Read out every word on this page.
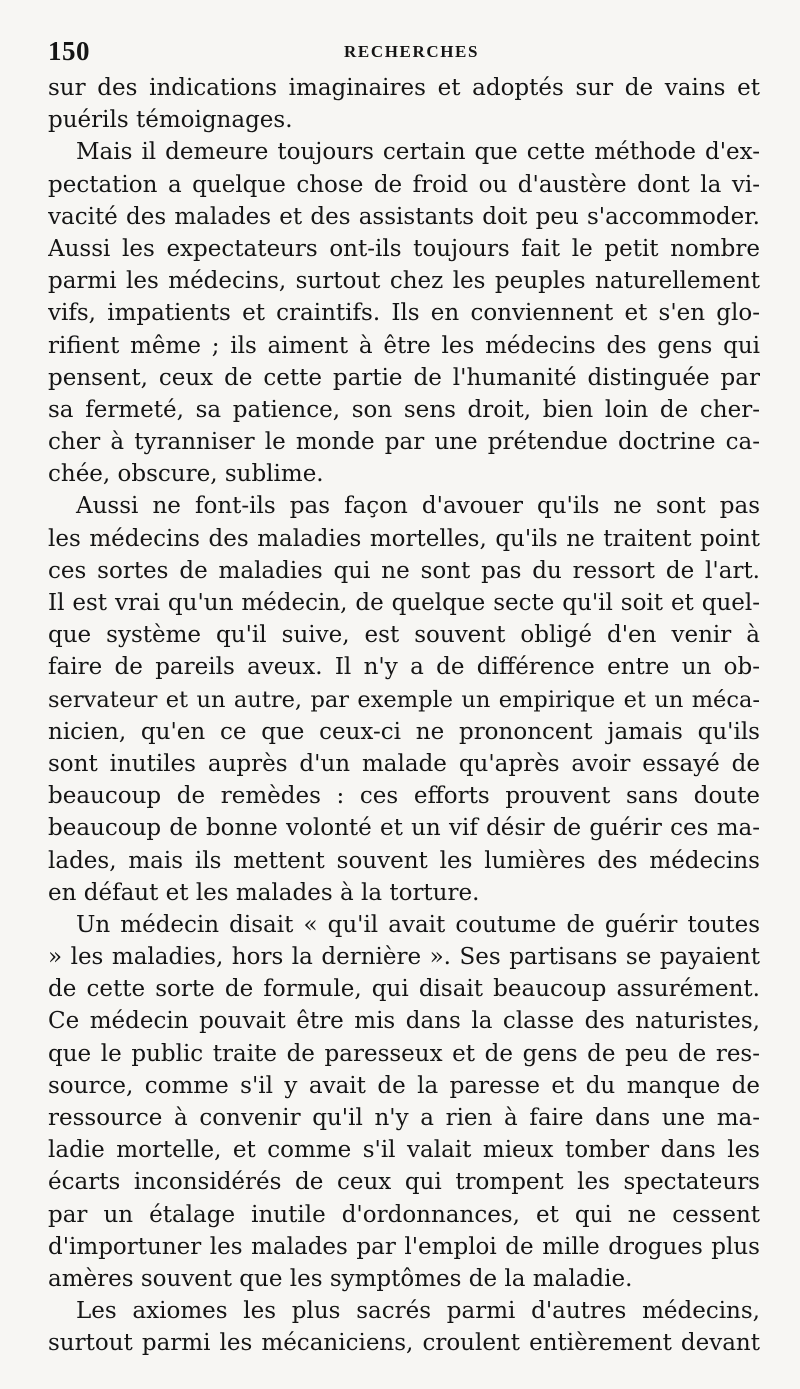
150	RECHERCHES
sur des indications imaginaires et adoptés sur de vains et
puérils témoignages.
Mais il demeure toujours certain que cette méthode d'ex-
pectation a quelque chose de froid ou d'austère dont la vi-
vacité des malades et des assistants doit peu s'accommoder.
Aussi les expectateurs ont-ils toujours fait le petit nombre
parmi les médecins, surtout chez les peuples naturellement
vifs, impatients et craintifs. Ils en conviennent et s'en glo-
rifient même ; ils aiment à être les médecins des gens qui
pensent, ceux de cette partie de l'humanité distinguée par
sa fermeté, sa patience, son sens droit, bien loin de cher-
cher à tyranniser le monde par une prétendue doctrine ca-
chée, obscure, sublime.
Aussi ne font-ils pas façon d'avouer qu'ils ne sont pas
les médecins des maladies mortelles, qu'ils ne traitent point
ces sortes de maladies qui ne sont pas du ressort de l'art.
Il est vrai qu'un médecin, de quelque secte qu'il soit et quel-
que système qu'il suive, est souvent obligé d'en venir à
faire de pareils aveux. Il n'y a de différence entre un ob-
servateur et un autre, par exemple un empirique et un méca-
nicien, qu'en ce que ceux-ci ne prononcent jamais qu'ils
sont inutiles auprès d'un malade qu'après avoir essayé de
beaucoup de remèdes : ces efforts prouvent sans doute
beaucoup de bonne volonté et un vif désir de guérir ces ma-
lades, mais ils mettent souvent les lumières des médecins
en défaut et les malades à la torture.
Un médecin disait « qu'il avait coutume de guérir toutes
» les maladies, hors la dernière ». Ses partisans se payaient
de cette sorte de formule, qui disait beaucoup assurément.
Ce médecin pouvait être mis dans la classe des naturistes,
que le public traite de paresseux et de gens de peu de res-
source, comme s'il y avait de la paresse et du manque de
ressource à convenir qu'il n'y a rien à faire dans une ma-
ladie mortelle, et comme s'il valait mieux tomber dans les
écarts inconsidérés de ceux qui trompent les spectateurs
par un étalage inutile d'ordonnances, et qui ne cessent
d'importuner les malades par l'emploi de mille drogues plus
amères souvent que les symptômes de la maladie.
Les axiomes les plus sacrés parmi d'autres médecins,
surtout parmi les mécaniciens, croulent entièrement devant
